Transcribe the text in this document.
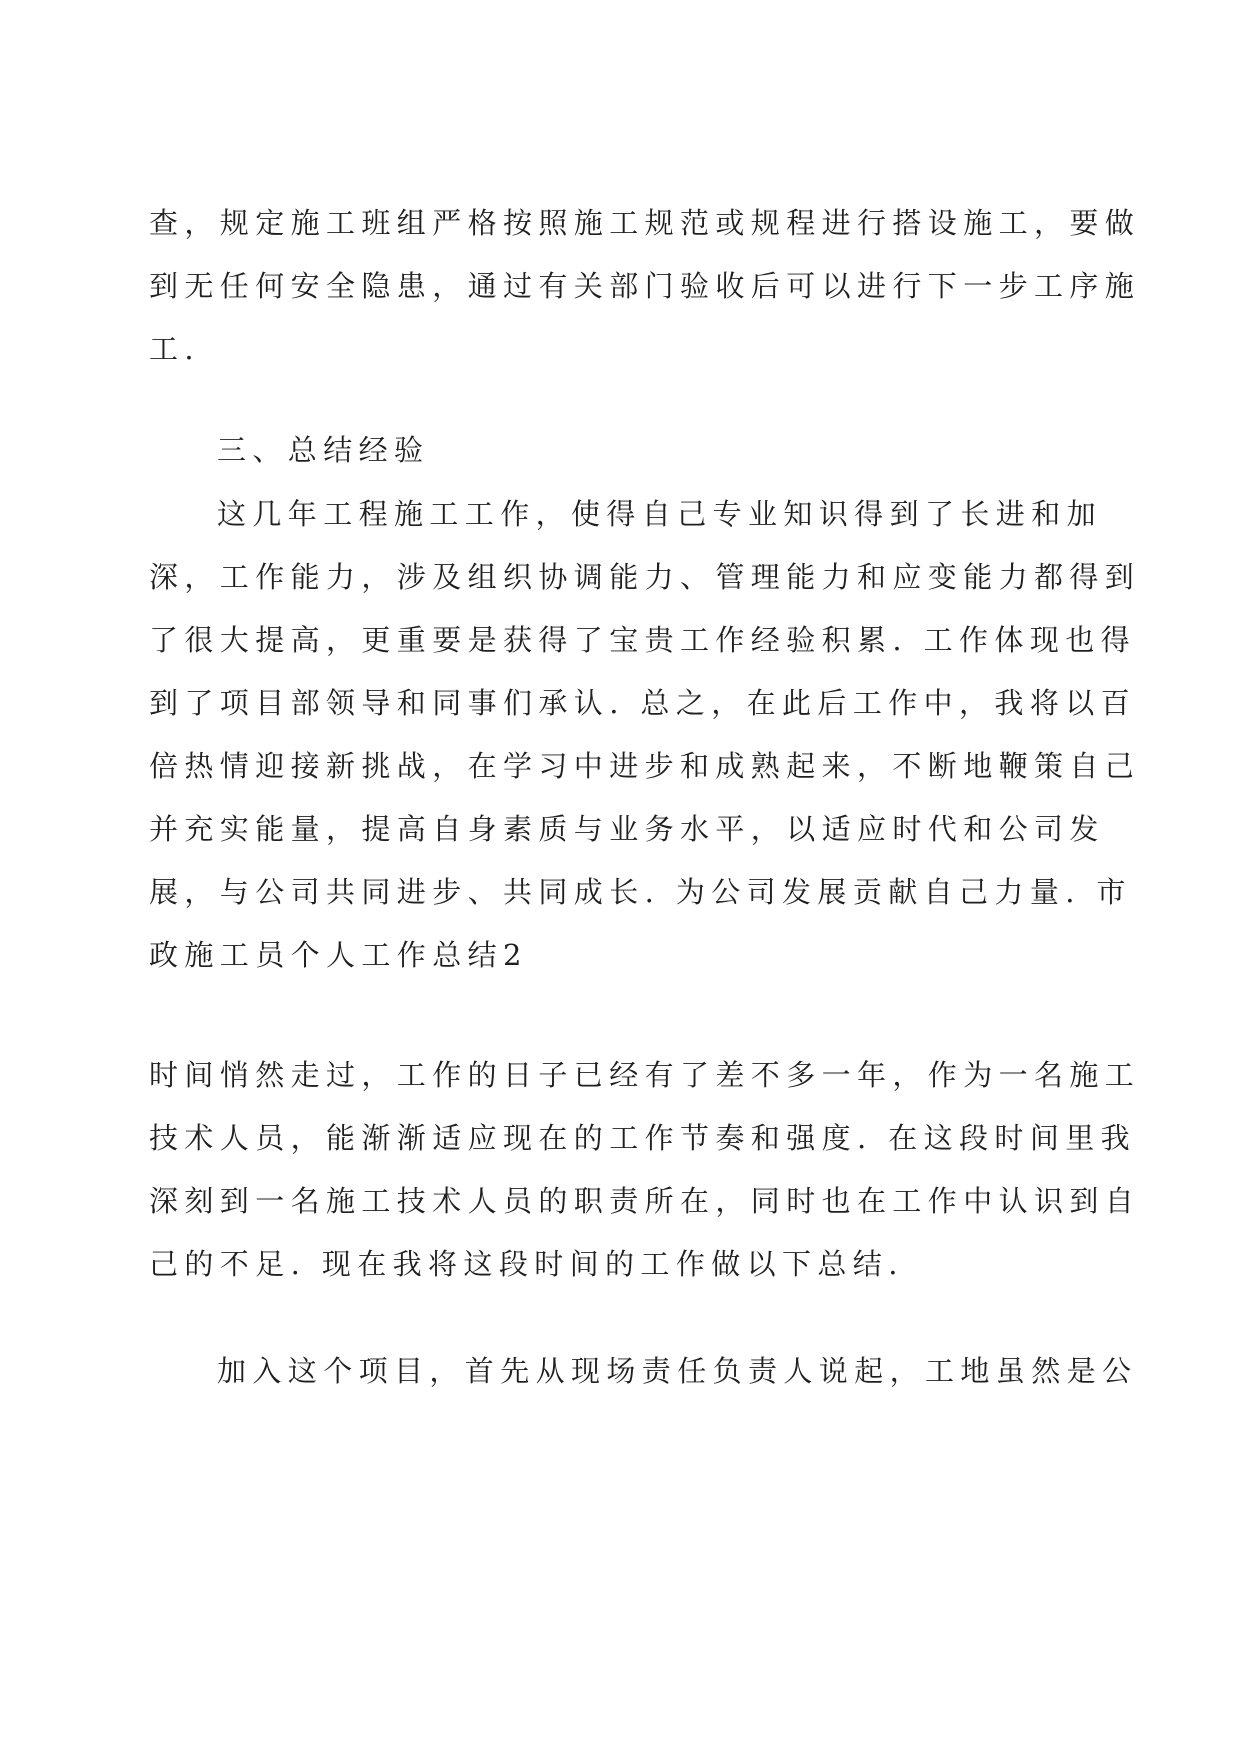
查，规定施工班组严格按照施工规范或规程进行搭设施工，要做
到无任何安全隐患，通过有关部门验收后可以进行下一步工序施
工.
三、总结经验
这几年工程施工工作，使得自己专业知识得到了长进和加
深，工作能力，涉及组织协调能力、管理能力和应变能力都得到
了很大提高，更重要是获得了宝贵工作经验积累. 工作体现也得
到了项目部领导和同事们承认. 总之，在此后工作中，我将以百
倍热情迎接新挑战，在学习中进步和成熟起来，不断地鞭策自己
并充实能量，提高自身素质与业务水平，以适应时代和公司发
展，与公司共同进步、共同成长. 为公司发展贡献自己力量. 市
政施工员个人工作总结2
时间悄然走过，工作的日子已经有了差不多一年，作为一名施工
技术人员，能渐渐适应现在的工作节奏和强度. 在这段时间里我
深刻到一名施工技术人员的职责所在，同时也在工作中认识到自
己的不足. 现在我将这段时间的工作做以下总结.
加入这个项目，首先从现场责任负责人说起，工地虽然是公
